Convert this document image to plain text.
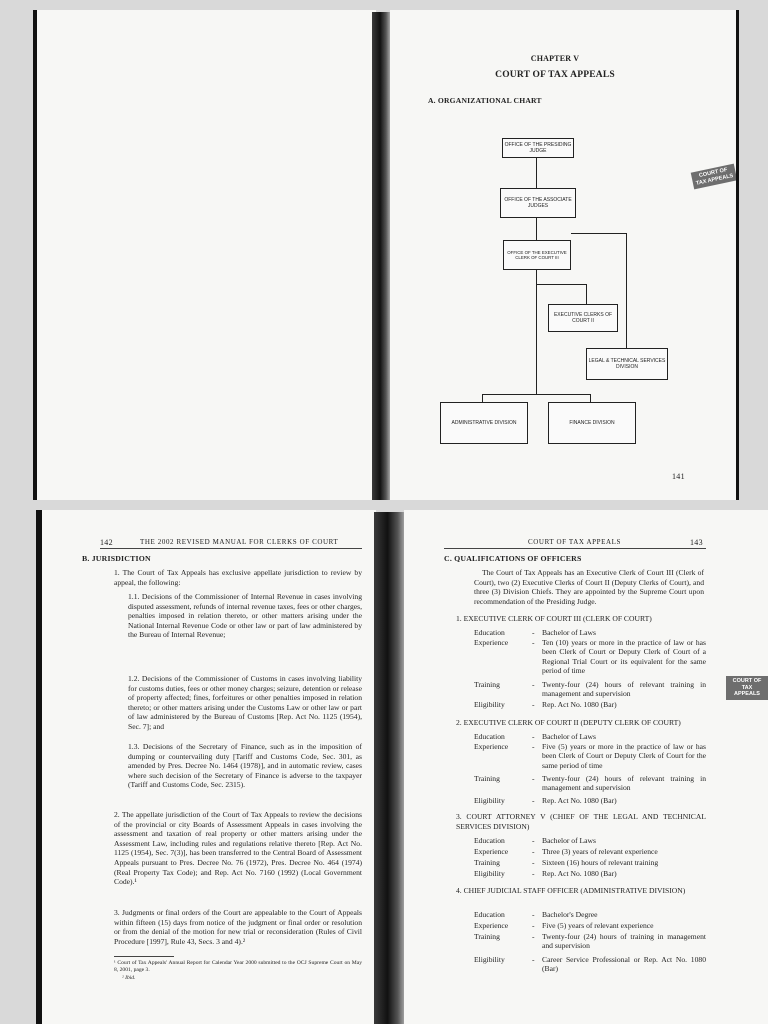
CHAPTER V
COURT OF TAX APPEALS
A. ORGANIZATIONAL CHART
OFFICE OF THE PRESIDING JUDGE
OFFICE OF THE ASSOCIATE JUDGES
OFFICE OF THE EXECUTIVE CLERK OF COURT III
EXECUTIVE CLERKS OF COURT II
LEGAL & TECHNICAL SERVICES DIVISION
ADMINISTRATIVE DIVISION	FINANCE DIVISION
COURT OF TAX APPEALS
141
142	THE 2002 REVISED MANUAL FOR CLERKS OF COURT
B. JURISDICTION
1. The Court of Tax Appeals has exclusive appellate jurisdiction to review by appeal, the following:
1.1. Decisions of the Commissioner of Internal Revenue in cases involving disputed assessment, refunds of internal revenue taxes, fees or other charges, penalties imposed in relation thereto, or other matters arising under the National Internal Revenue Code or other law or part of law administered by the Bureau of Internal Revenue;
1.2. Decisions of the Commissioner of Customs in cases involving liability for customs duties, fees or other money charges; seizure, detention or release of property affected; fines, forfeitures or other penalties imposed in relation thereto; or other matters arising under the Customs Law or other law or part of law administered by the Bureau of Customs [Rep. Act No. 1125 (1954), Sec. 7]; and
1.3. Decisions of the Secretary of Finance, such as in the imposition of dumping or countervailing duty [Tariff and Customs Code, Sec. 301, as amended by Pres. Decree No. 1464 (1978)], and in automatic review, cases where such decision of the Secretary of Finance is adverse to the taxpayer (Tariff and Customs Code, Sec. 2315).
2. The appellate jurisdiction of the Court of Tax Appeals to review the decisions of the provincial or city Boards of Assessment Appeals in cases involving the assessment and taxation of real property or other matters arising under the Assessment Law, including rules and regulations relative thereto [Rep. Act No. 1125 (1954), Sec. 7(3)], has been transferred to the Central Board of Assessment Appeals pursuant to Pres. Decree No. 76 (1972), Pres. Decree No. 464 (1974) (Real Property Tax Code); and Rep. Act No. 7160 (1992) (Local Government Code).¹
3. Judgments or final orders of the Court are appealable to the Court of Appeals within fifteen (15) days from notice of the judgment or final order or resolution or from the denial of the motion for new trial or reconsideration (Rules of Civil Procedure [1997], Rule 43, Secs. 3 and 4).²
¹ Court of Tax Appeals' Annual Report for Calendar Year 2000 submitted to the OCJ Supreme Court on May 8, 2001, page 3.
² Ibid.
COURT OF TAX APPEALS	143
C. QUALIFICATIONS OF OFFICERS
The Court of Tax Appeals has an Executive Clerk of Court III (Clerk of Court), two (2) Executive Clerks of Court II (Deputy Clerks of Court), and three (3) Division Chiefs. They are appointed by the Supreme Court upon recommendation of the Presiding Judge.
1. EXECUTIVE CLERK OF COURT III (CLERK OF COURT)
Education	- Bachelor of Laws
Experience	- Ten (10) years or more in the practice of law or has been Clerk of Court or Deputy Clerk of Court of a Regional Trial Court or its equivalent for the same period of time
Training	- Twenty-four (24) hours of relevant training in management and supervision
Eligibility	- Rep. Act No. 1080 (Bar)
2. EXECUTIVE CLERK OF COURT II (DEPUTY CLERK OF COURT)
Education	- Bachelor of Laws
Experience	- Five (5) years or more in the practice of law or has been Clerk of Court or Deputy Clerk of Court for the same period of time
Training	- Twenty-four (24) hours of relevant training in management and supervision
Eligibility	- Rep. Act No. 1080 (Bar)
3. COURT ATTORNEY V (CHIEF OF THE LEGAL AND TECHNICAL SERVICES DIVISION)
Education	- Bachelor of Laws
Experience	- Three (3) years of relevant experience
Training	- Sixteen (16) hours of relevant training
Eligibility	- Rep. Act No. 1080 (Bar)
4. CHIEF JUDICIAL STAFF OFFICER (ADMINISTRATIVE DIVISION)
Education	- Bachelor's Degree
Experience	- Five (5) years of relevant experience
Training	- Twenty-four (24) hours of training in management and supervision
Eligibility	- Career Service Professional or Rep. Act No. 1080 (Bar)
COURT OF TAX APPEALS
